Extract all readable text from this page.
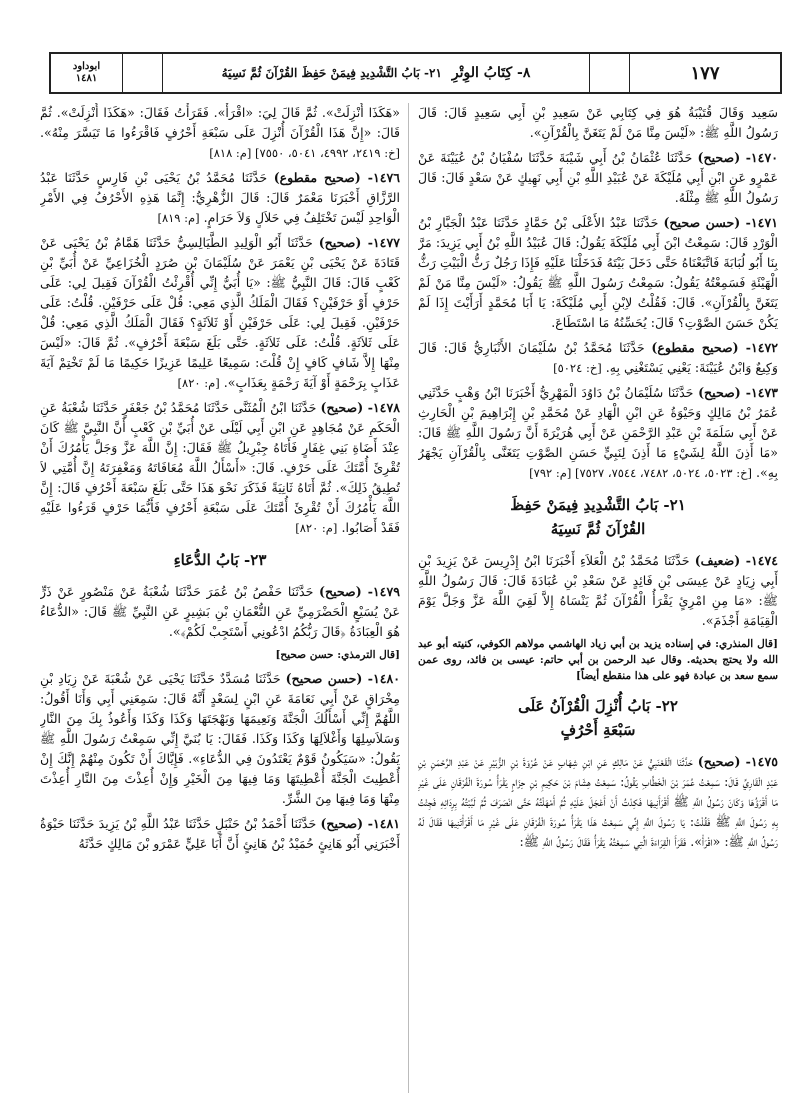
ابوداود
١٤٨١	٨- كِتَابُ الوِتْرِ
٢١- بَابُ التَّشْدِيدِ فِيمَنْ حَفِظَ القُرْآنَ ثُمَّ نَسِيَهُ	١٧٧

سَعِيد وَقَالَ قُتَيْبَةُ هُوَ فِي كِتَابِي عَنْ سَعِيدِ بْنِ أَبِي سَعِيدٍ قَالَ: قَالَ رَسُولُ اللَّهِ ﷺ: «لَيْسَ مِنَّا مَنْ لَمْ يَتَغَنَّ بِالْقُرْآنِ».

١٤٧٠- (صحيح) حَدَّثَنَا عُثْمَانُ بْنُ أَبِي شَيْبَةَ حَدَّثَنَا سُفْيَانُ بْنُ عُيَيْنَةَ عَنْ عَمْرٍو عَنِ ابْنِ أَبِي مُلَيْكَةَ عَنْ عُبَيْدِ اللَّهِ بْنِ أَبِي نَهِيكٍ عَنْ سَعْدٍ قَالَ: قَالَ رَسُولُ اللَّهِ ﷺ مِثْلَهُ.

١٤٧١- (حسن صحيح) حَدَّثَنَا عَبْدُ الأَعْلَى بْنُ حَمَّادٍ حَدَّثَنَا عَبْدُ الْجَبَّارِ بْنُ الْوَرْدِ قَالَ: سَمِعْتُ ابْنَ أَبِي مُلَيْكَةَ يَقُولُ: قَالَ عُبَيْدُ اللَّهِ بْنُ أَبِي يَزِيدَ: مَرَّ بِنَا أَبُو لُبَابَةَ فَاتَّبَعْنَاهُ حَتَّى دَخَلَ بَيْتَهُ فَدَخَلْنَا عَلَيْهِ فَإِذَا رَجُلٌ رَثُّ الْبَيْتِ رَثُّ الْهَيْئَةِ فَسَمِعْتُهُ يَقُولُ: سَمِعْتُ رَسُولَ اللَّهِ ﷺ يَقُولُ: «لَيْسَ مِنَّا مَنْ لَمْ يَتَغَنَّ بِالْقُرْآنِ». قَالَ: فَقُلْتُ لاِبْنِ أَبِي مُلَيْكَةَ: يَا أَبَا مُحَمَّدٍ أَرَأَيْتَ إِذَا لَمْ يَكُنْ حَسَنَ الصَّوْتِ؟ قَالَ: يُحَسِّنُهُ مَا اسْتَطَاعَ.

١٤٧٢- (صحيح مقطوع) حَدَّثَنَا مُحَمَّدُ بْنُ سُلَيْمَانَ الأَنْبَارِيُّ قَالَ: قَالَ وَكِيعٌ وَابْنُ عُيَيْنَةَ: يَعْنِي يَسْتَغْنِي بِهِ. [خ: ٥٠٢٤]

١٤٧٣- (صحيح) حَدَّثَنَا سُلَيْمَانُ بْنُ دَاوُدَ الْمَهْرِيُّ أَخْبَرَنَا ابْنُ وَهْبٍ حَدَّثَنِي عُمَرُ بْنُ مَالِكٍ وَحَيْوَةُ عَنِ ابْنِ الْهَادِ عَنْ مُحَمَّدِ بْنِ إِبْرَاهِيمَ بْنِ الْحَارِثِ عَنْ أَبِي سَلَمَةَ بْنِ عَبْدِ الرَّحْمَنِ عَنْ أَبِي هُرَيْرَةَ أَنَّ رَسُولَ اللَّهِ ﷺ قَالَ: «مَا أَذِنَ اللَّهُ لِشَيْءٍ مَا أَذِنَ لِنَبِيٍّ حَسَنِ الصَّوْتِ يَتَغَنَّى بِالْقُرْآنِ يَجْهَرُ بِهِ». [خ: ٥٠٢٣، ٥٠٢٤، ٧٤٨٢، ٧٥٤٤، ٧٥٢٧] [م: ٧٩٢]

٢١- بَابُ التَّشْدِيدِ فِيمَنْ حَفِظَ
القُرْآنَ ثُمَّ نَسِيَهُ

١٤٧٤- (ضعيف) حَدَّثَنَا مُحَمَّدُ بْنُ الْعَلاَءِ أَخْبَرَنَا ابْنُ إِدْرِيسَ عَنْ يَزِيدَ بْنِ أَبِي زِيَادٍ عَنْ عِيسَى بْنِ فَائِدٍ عَنْ سَعْدِ بْنِ عُبَادَةَ قَالَ: قَالَ رَسُولُ اللَّهِ ﷺ: «مَا مِنِ امْرِئٍ يَقْرَأُ الْقُرْآنَ ثُمَّ يَنْسَاهُ إِلاَّ لَقِيَ اللَّهَ عَزَّ وَجَلَّ يَوْمَ الْقِيَامَةِ أَجْذَمَ».

[قال المنذري: في إسناده يزيد بن أبي زياد الهاشمي مولاهم الكوفي، كنيته أبو عبد الله ولا يحتج بحديثه. وقال عبد الرحمن بن أبي حاتم: عيسى بن فائد، روى عمن سمع سعد بن عبادة فهو على هذا منقطع أيضاً]

٢٢- بَابُ أُنْزِلَ الْقُرْآنُ عَلَى
سَبْعَةِ أَحْرُفٍ

١٤٧٥- (صحيح) حَدَّثَنَا الْقَعْنَبِيُّ عَنْ مَالِكٍ عَنِ ابْنِ شِهَابٍ عَنْ عُرْوَةَ بْنِ الزُّبَيْرِ عَنْ عَبْدِ الرَّحْمَنِ بْنِ عَبْدٍ الْقَارِيِّ قَالَ: سَمِعْتُ عُمَرَ بْنَ الْخَطَّابِ يَقُولُ: سَمِعْتُ هِشَامَ بْنَ حَكِيمِ بْنِ حِزَامٍ يَقْرَأُ سُورَةَ الْفُرْقَانِ عَلَى غَيْرِ مَا أَقْرَؤُهَا وَكَانَ رَسُولُ اللَّهِ ﷺ أَقْرَأَنِيهَا فَكِدْتُ أَنْ أَعْجَلَ عَلَيْهِ ثُمَّ أَمْهَلْتُهُ حَتَّى انْصَرَفَ ثُمَّ لَبَّبْتُهُ بِرِدَائِهِ فَجِئْتُ بِهِ رَسُولَ اللَّهِ ﷺ فَقُلْتُ: يَا رَسُولَ اللَّهِ إِنِّي سَمِعْتُ هَذَا يَقْرَأُ سُورَةَ الْفُرْقَانِ عَلَى غَيْرِ مَا أَقْرَأْتَنِيهَا فَقَالَ لَهُ رَسُولُ اللَّهِ ﷺ: «اقْرَأْ». فَقَرَأَ الْقِرَاءَةَ الَّتِي سَمِعْتُهُ يَقْرَأُ فَقَالَ رَسُولُ اللَّهِ ﷺ:

«هَكَذَا أُنْزِلَتْ». ثُمَّ قَالَ لِيَ: «اقْرَأْ». فَقَرَأْتُ فَقَالَ: «هَكَذَا أُنْزِلَتْ». ثُمَّ قَالَ: «إِنَّ هَذَا الْقُرْآنَ أُنْزِلَ عَلَى سَبْعَةِ أَحْرُفٍ فَاقْرَءُوا مَا تَيَسَّرَ مِنْهُ». [خ: ٢٤١٩، ٤٩٩٢، ٥٠٤١، ٧٥٥٠] [م: ٨١٨]

١٤٧٦- (صحيح مقطوع) حَدَّثَنَا مُحَمَّدُ بْنُ يَحْيَى بْنِ فَارِسٍ حَدَّثَنَا عَبْدُ الرَّزَّاقِ أَخْبَرَنَا مَعْمَرٌ قَالَ: قَالَ الزُّهْرِيُّ: إِنَّمَا هَذِهِ الأَحْرُفُ فِي الأَمْرِ الْوَاحِدِ لَيْسَ تَخْتَلِفُ فِي حَلاَلٍ وَلاَ حَرَامٍ. [م: ٨١٩]

١٤٧٧- (صحيح) حَدَّثَنَا أَبُو الْوَلِيدِ الطَّيَالِسِيُّ حَدَّثَنَا هَمَّامُ بْنُ يَحْيَى عَنْ قَتَادَةَ عَنْ يَحْيَى بْنِ يَعْمَرَ عَنْ سُلَيْمَانَ بْنِ صُرَدٍ الْخُزَاعِيِّ عَنْ أُبَيِّ بْنِ كَعْبٍ قَالَ: قَالَ النَّبِيُّ ﷺ: «يَا أُبَيُّ إِنِّي أُقْرِئْتُ الْقُرْآنَ فَقِيلَ لِي: عَلَى حَرْفٍ أَوْ حَرْفَيْنِ؟ فَقَالَ الْمَلَكُ الَّذِي مَعِي: قُلْ عَلَى حَرْفَيْنِ. قُلْتُ: عَلَى حَرْفَيْنِ. فَقِيلَ لِي: عَلَى حَرْفَيْنِ أَوْ ثَلاَثَةٍ؟ فَقَالَ الْمَلَكُ الَّذِي مَعِي: قُلْ عَلَى ثَلاَثَةٍ. قُلْتُ: عَلَى ثَلاَثَةٍ. حَتَّى بَلَغَ سَبْعَةَ أَحْرُفٍ». ثُمَّ قَالَ: «لَيْسَ مِنْهَا إِلاَّ شَافٍ كَافٍ إِنْ قُلْتَ: سَمِيعًا عَلِيمًا عَزِيزًا حَكِيمًا مَا لَمْ تَخْتِمْ آيَةَ عَذَابٍ بِرَحْمَةٍ أَوْ آيَةَ رَحْمَةٍ بِعَذَابٍ». [م: ٨٢٠]

١٤٧٨- (صحيح) حَدَّثَنَا ابْنُ الْمُثَنَّى حَدَّثَنَا مُحَمَّدُ بْنُ جَعْفَرٍ حَدَّثَنَا شُعْبَةُ عَنِ الْحَكَمِ عَنْ مُجَاهِدٍ عَنِ ابْنِ أَبِي لَيْلَى عَنْ أُبَيِّ بْنِ كَعْبٍ أَنَّ النَّبِيَّ ﷺ كَانَ عِنْدَ أَضَاةِ بَنِي غِفَارٍ فَأَتَاهُ جِبْرِيلُ ﷺ فَقَالَ: إِنَّ اللَّهَ عَزَّ وَجَلَّ يَأْمُرُكَ أَنْ تُقْرِئَ أُمَّتَكَ عَلَى حَرْفٍ. قَالَ: «أَسْأَلُ اللَّهَ مُعَافَاتَهُ وَمَغْفِرَتَهُ إِنَّ أُمَّتِي لاَ تُطِيقُ ذَلِكَ». ثُمَّ أَتَاهُ ثَانِيَةً فَذَكَرَ نَحْوَ هَذَا حَتَّى بَلَغَ سَبْعَةَ أَحْرُفٍ قَالَ: إِنَّ اللَّهَ يَأْمُرُكَ أَنْ تُقْرِئَ أُمَّتَكَ عَلَى سَبْعَةِ أَحْرُفٍ فَأَيُّمَا حَرْفٍ قَرَءُوا عَلَيْهِ فَقَدْ أَصَابُوا. [م: ٨٢٠]

٢٣- بَابُ الدُّعَاءِ

١٤٧٩- (صحيح) حَدَّثَنَا حَفْصُ بْنُ عُمَرَ حَدَّثَنَا شُعْبَةُ عَنْ مَنْصُورٍ عَنْ ذَرٍّ عَنْ يُسَيْعٍ الْحَضْرَمِيِّ عَنِ النُّعْمَانِ بْنِ بَشِيرٍ عَنِ النَّبِيِّ ﷺ قَالَ: «الدُّعَاءُ هُوَ الْعِبَادَةُ ﴿قَالَ رَبُّكُمُ ادْعُونِي أَسْتَجِبْ لَكُمْ﴾».

[قال الترمذي: حسن صحيح]

١٤٨٠- (حسن صحيح) حَدَّثَنَا مُسَدَّدٌ حَدَّثَنَا يَحْيَى عَنْ شُعْبَةَ عَنْ زِيَادِ بْنِ مِخْرَاقٍ عَنْ أَبِي نَعَامَةَ عَنِ ابْنٍ لِسَعْدٍ أَنَّهُ قَالَ: سَمِعَنِي أَبِي وَأَنَا أَقُولُ: اللَّهُمَّ إِنِّي أَسْأَلُكَ الْجَنَّةَ وَنَعِيمَهَا وَبَهْجَتَهَا وَكَذَا وَكَذَا وَأَعُوذُ بِكَ مِنَ النَّارِ وَسَلاَسِلِهَا وَأَغْلاَلِهَا وَكَذَا وَكَذَا. فَقَالَ: يَا بُنَيَّ إِنِّي سَمِعْتُ رَسُولَ اللَّهِ ﷺ يَقُولُ: «سَيَكُونُ قَوْمٌ يَعْتَدُونَ فِي الدُّعَاءِ». فَإِيَّاكَ أَنْ تَكُونَ مِنْهُمْ إِنَّكَ إِنْ أُعْطِيتَ الْجَنَّةَ أُعْطِيتَهَا وَمَا فِيهَا مِنَ الْخَيْرِ وَإِنْ أُعِذْتَ مِنَ النَّارِ أُعِذْتَ مِنْهَا وَمَا فِيهَا مِنَ الشَّرِّ.

١٤٨١- (صحيح) حَدَّثَنَا أَحْمَدُ بْنُ حَنْبَلٍ حَدَّثَنَا عَبْدُ اللَّهِ بْنُ يَزِيدَ حَدَّثَنَا حَيْوَةُ أَخْبَرَنِي أَبُو هَانِئٍ حُمَيْدُ بْنُ هَانِئٍ أَنَّ أَبَا عَلِيٍّ عَمْرَو بْنَ مَالِكٍ حَدَّثَهُ
